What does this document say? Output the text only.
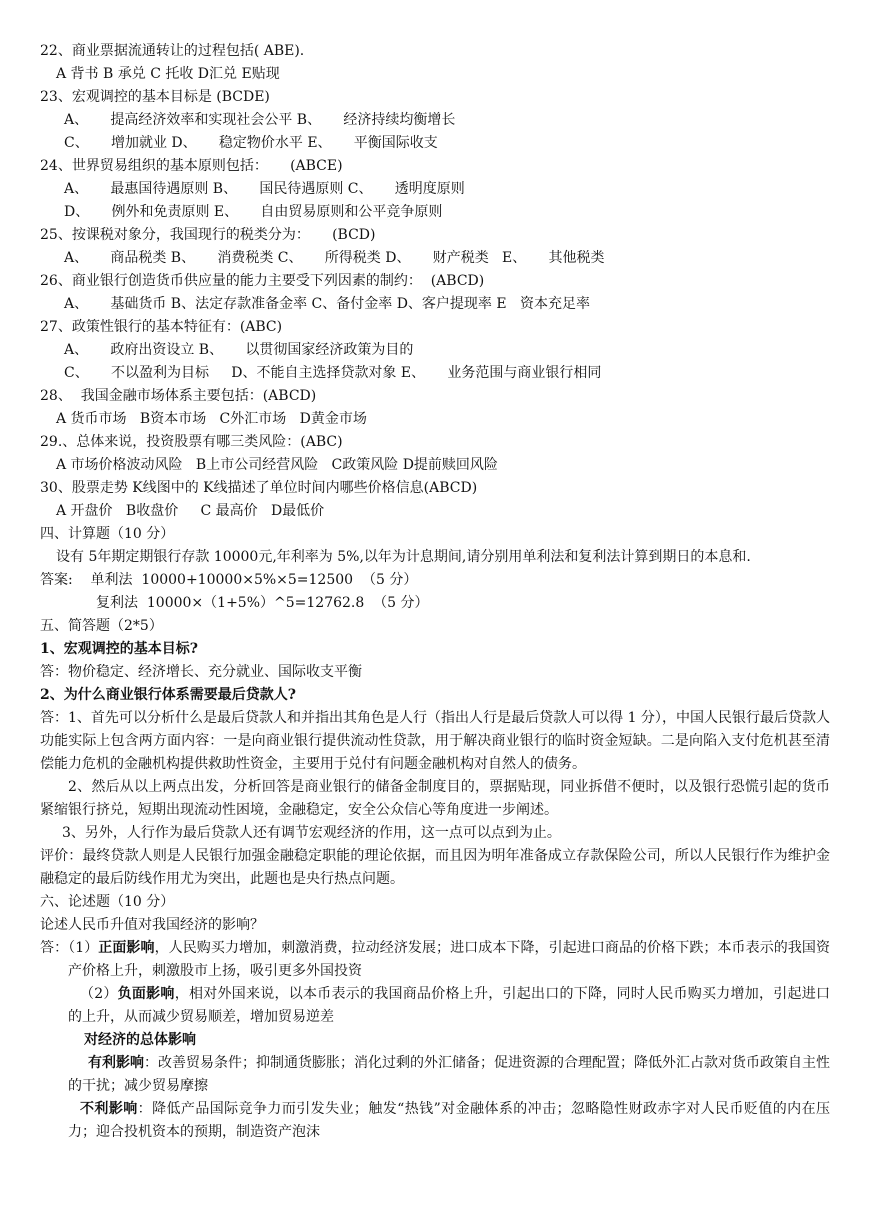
22、商业票据流通转让的过程包括( ABE).
A 背书 B 承兑 C 托收 D汇兑 E贴现
23、宏观调控的基本目标是 (BCDE)
A、     提高经济效率和实现社会公平 B、     经济持续均衡增长
C、     增加就业 D、     稳定物价水平 E、     平衡国际收支
24、世界贸易组织的基本原则包括：     (ABCE)
A、     最惠国待遇原则 B、     国民待遇原则 C、     透明度原则
D、     例外和免责原则 E、     自由贸易原则和公平竞争原则
25、按课税对象分，我国现行的税类分为：     (BCD)
A、     商品税类 B、     消费税类 C、     所得税类 D、     财产税类   E、     其他税类
26、商业银行创造货币供应量的能力主要受下列因素的制约：  (ABCD)
A、     基础货币 B、法定存款准备金率 C、备付金率 D、客户提现率 E   资本充足率
27、政策性银行的基本特征有：(ABC)
A、     政府出资设立 B、     以贯彻国家经济政策为目的
C、     不以盈利为目标     D、不能自主选择贷款对象 E、     业务范围与商业银行相同
28、  我国金融市场体系主要包括：(ABCD)
A 货币市场   B资本市场   C外汇市场   D黄金市场
29.、总体来说，投资股票有哪三类风险：(ABC)
A 市场价格波动风险   B上市公司经营风险   C政策风险 D提前赎回风险
30、股票走势 K线图中的 K线描述了单位时间内哪些价格信息(ABCD)
A 开盘价   B收盘价     C 最高价   D最低价
四、计算题（10 分）
设有 5年期定期银行存款 10000元,年利率为 5%,以年为计息期间,请分别用单利法和复利法计算到期日的本息和.
答案:    单利法  10000+10000×5%×5=12500  （5 分）
复利法  10000×（1+5%）^5=12762.8  （5 分）
五、简答题（2*5）
1、宏观调控的基本目标?
答：物价稳定、经济增长、充分就业、国际收支平衡
2、为什么商业银行体系需要最后贷款人?
答：1、首先可以分析什么是最后贷款人和并指出其角色是人行（指出人行是最后贷款人可以得 1 分），中国人民银行最后贷款人功能实际上包含两方面内容：一是向商业银行提供流动性贷款，用于解决商业银行的临时资金短缺。二是向陷入支付危机甚至清偿能力危机的金融机构提供救助性资金，主要用于兑付有问题金融机构对自然人的债务。
2、然后从以上两点出发，分析回答是商业银行的储备金制度目的，票据贴现，同业拆借不便时，以及银行恐慌引起的货币紧缩银行挤兑，短期出现流动性困境，金融稳定，安全公众信心等角度进一步阐述。
3、另外，人行作为最后贷款人还有调节宏观经济的作用，这一点可以点到为止。
评价：最终贷款人则是人民银行加强金融稳定职能的理论依据，而且因为明年准备成立存款保险公司，所以人民银行作为维护金融稳定的最后防线作用尤为突出，此题也是央行热点问题。
六、论述题（10 分）
论述人民币升值对我国经济的影响？
答：（1）正面影响，人民购买力增加，刺激消费，拉动经济发展；进口成本下降，引起进口商品的价格下跌；本币表示的我国资产价格上升，刺激股市上扬，吸引更多外国投资
（2）负面影响，相对外国来说，以本币表示的我国商品价格上升，引起出口的下降，同时人民币购买力增加，引起进口的上升，从而减少贸易顺差，增加贸易逆差
对经济的总体影响
有利影响：改善贸易条件；抑制通货膨胀；消化过剩的外汇储备；促进资源的合理配置；降低外汇占款对货币政策自主性的干扰；减少贸易摩擦
不利影响：降低产品国际竞争力而引发失业；触发“热钱”对金融体系的冲击；忽略隐性财政赤字对人民币贬值的内在压力；迎合投机资本的预期，制造资产泡沫
